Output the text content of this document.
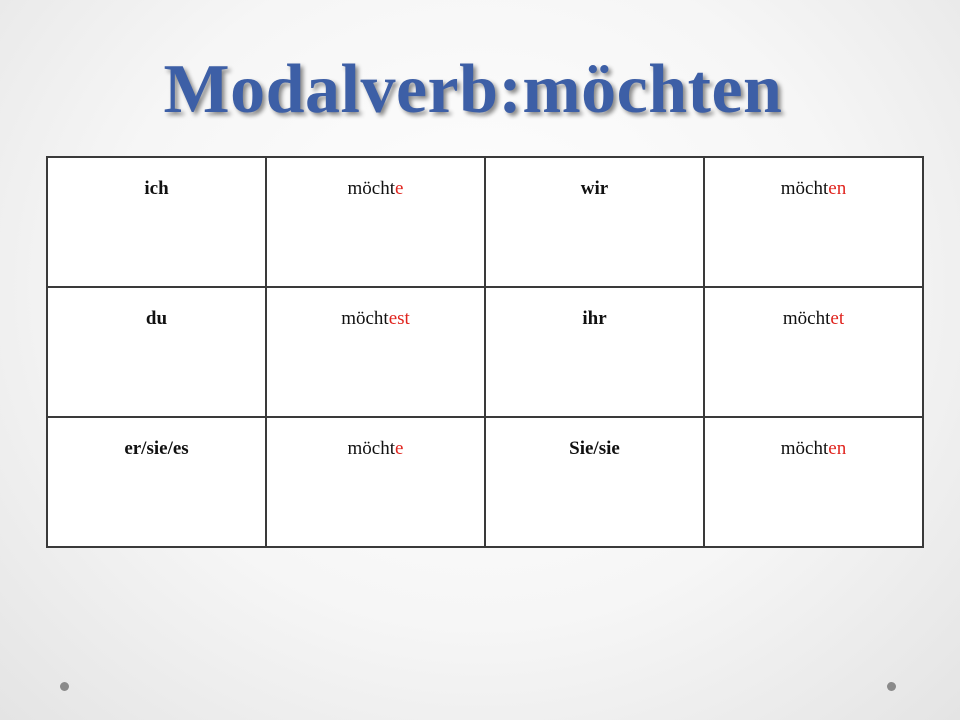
Modalverb:möchten
ich	möchte	wir	möchten

du	möchtest	ihr	möchtet

er/sie/es	möchte	Sie/sie	möchten
